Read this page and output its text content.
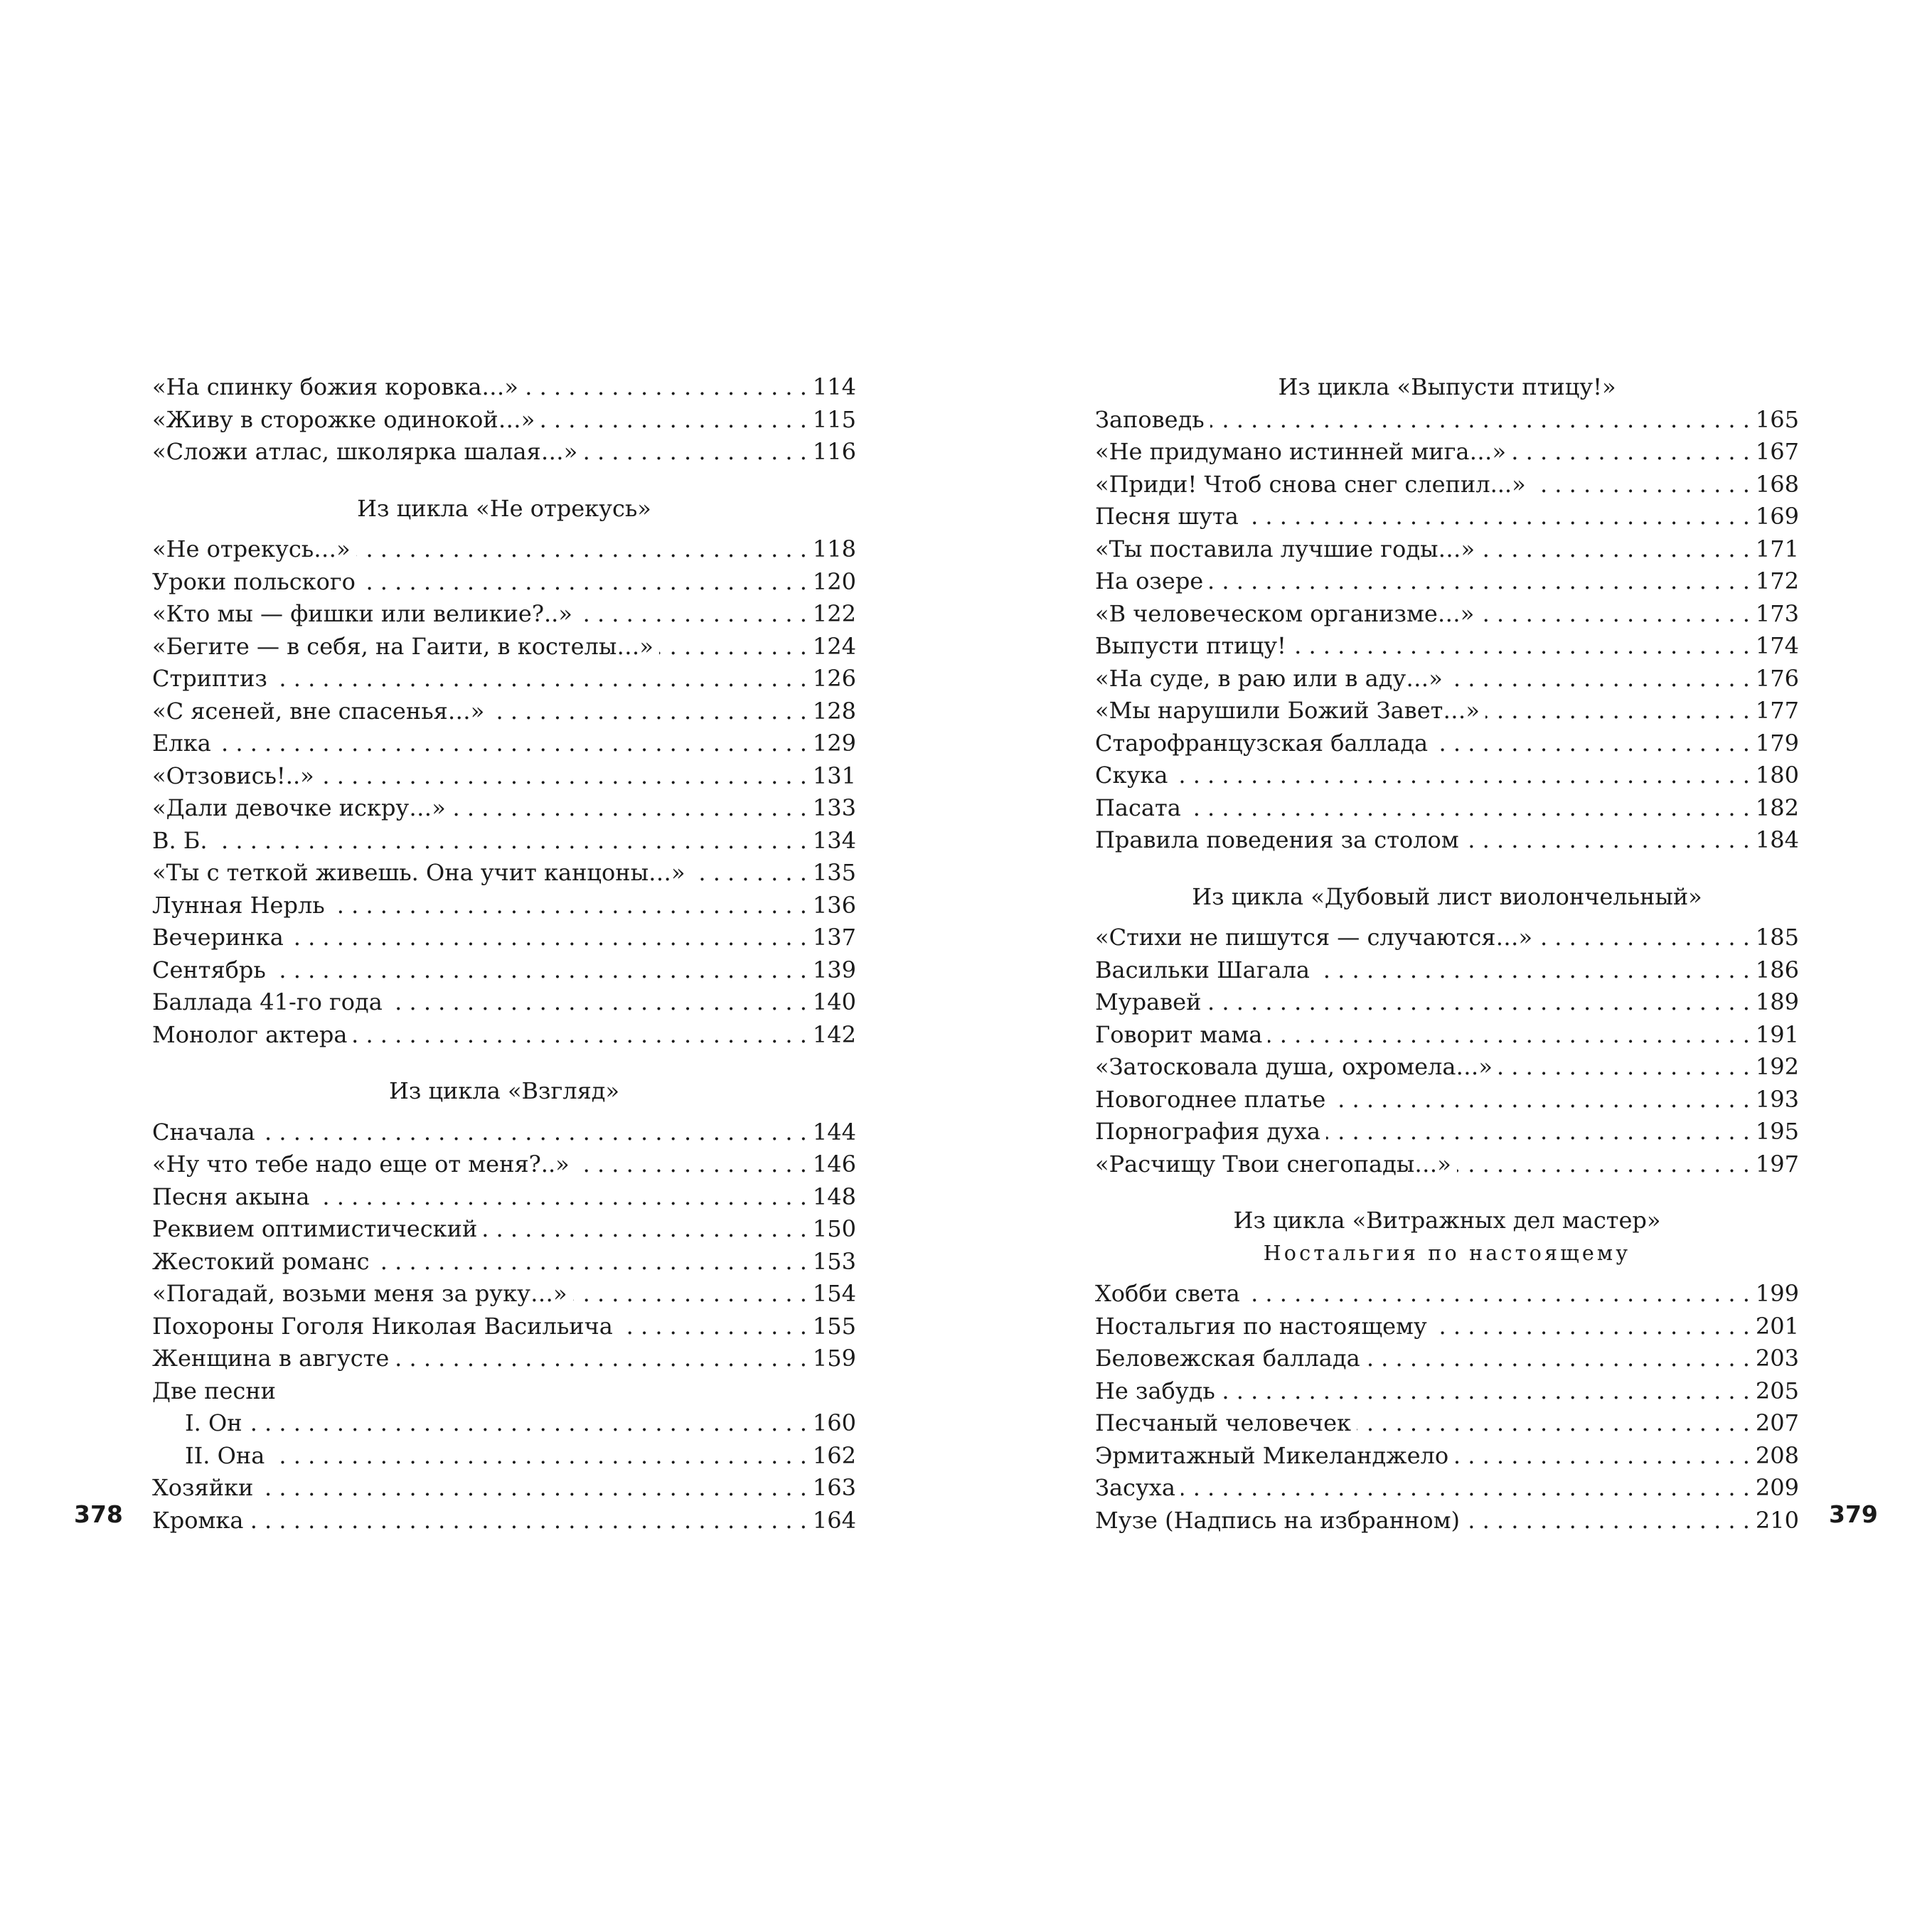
«На спинку божия коровка…» . . .	114
«Живу в сторожке одинокой…» . . .	115
«Сложи атлас, школярка шалая…» . . .	116
Из цикла «Не отрекусь»
«Не отрекусь…» . . .	118
Уроки польского . . .	120
«Кто мы — фишки или великие?..» . . .	122
«Бегите — в себя, на Гаити, в костелы…» . . .	124
Стриптиз . . .	126
«С ясеней, вне спасенья…» . . .	128
Елка . . .	129
«Отзовись!..» . . .	131
«Дали девочке искру…» . . .	133
В. Б. . . .	134
«Ты с теткой живешь. Она учит канцоны…» . . .	135
Лунная Нерль . . .	136
Вечеринка . . .	137
Сентябрь . . .	139
Баллада 41-го года . . .	140
Монолог актера . . .	142
Из цикла «Взгляд»
Сначала . . .	144
«Ну что тебе надо еще от меня?..» . . .	146
Песня акына . . .	148
Реквием оптимистический . . .	150
Жестокий романс . . .	153
«Погадай, возьми меня за руку…» . . .	154
Похороны Гоголя Николая Васильича . . .	155
Женщина в августе . . .	159
Две песни
I. Он . . .	160
II. Она . . .	162
Хозяйки . . .	163
Кромка . . .	164
378
Из цикла «Выпусти птицу!»
Заповедь . . .	165
«Не придумано истинней мига…» . . .	167
«Приди! Чтоб снова снег слепил...» . . .	168
Песня шута . . .	169
«Ты поставила лучшие годы…» . . .	171
На озере . . .	172
«В человеческом организме…» . . .	173
Выпусти птицу! . . .	174
«На суде, в раю или в аду…» . . .	176
«Мы нарушили Божий Завет…» . . .	177
Старофранцузская баллада . . .	179
Скука . . .	180
Пасата . . .	182
Правила поведения за столом . . .	184
Из цикла «Дубовый лист виолончельный»
«Стихи не пишутся — случаются…» . . .	185
Васильки Шагала . . .	186
Муравей . . .	189
Говорит мама . . .	191
«Затосковала душа, охромела…» . . .	192
Новогоднее платье . . .	193
Порнография духа . . .	195
«Расчищу Твои снегопады…» . . .	197
Из цикла «Витражных дел мастер»
Ностальгия по настоящему
Хобби света . . .	199
Ностальгия по настоящему . . .	201
Беловежская баллада . . .	203
Не забудь . . .	205
Песчаный человечек . . .	207
Эрмитажный Микеланджело . . .	208
Засуха . . .	209
Музе (Надпись на избранном) . . .	210 379
